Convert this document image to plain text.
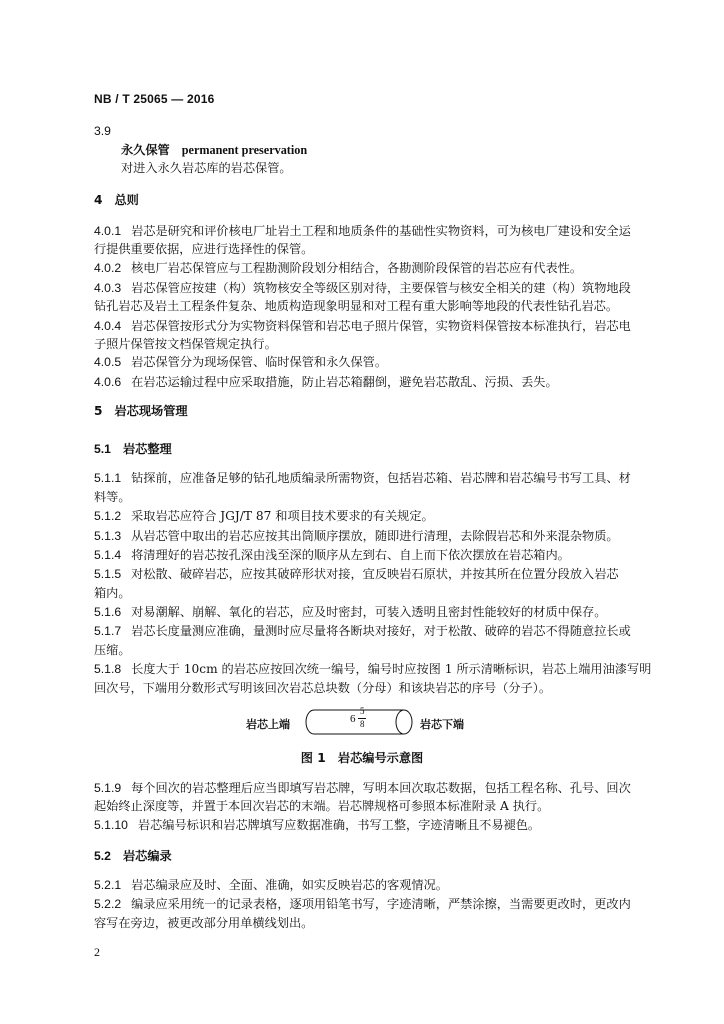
NB / T 25065 — 2016
3.9
永久保管 permanent preservation
对进入永久岩芯库的岩芯保管。
4 总则
4.0.1 岩芯是研究和评价核电厂址岩土工程和地质条件的基础性实物资料，可为核电厂建设和安全运
行提供重要依据，应进行选择性的保管。
4.0.2 核电厂岩芯保管应与工程勘测阶段划分相结合，各勘测阶段保管的岩芯应有代表性。
4.0.3 岩芯保管应按建（构）筑物核安全等级区别对待，主要保管与核安全相关的建（构）筑物地段
钻孔岩芯及岩土工程条件复杂、地质构造现象明显和对工程有重大影响等地段的代表性钻孔岩芯。
4.0.4 岩芯保管按形式分为实物资料保管和岩芯电子照片保管，实物资料保管按本标准执行，岩芯电
子照片保管按文档保管规定执行。
4.0.5 岩芯保管分为现场保管、临时保管和永久保管。
4.0.6 在岩芯运输过程中应采取措施，防止岩芯箱翻倒，避免岩芯散乱、污损、丢失。
5 岩芯现场管理
5.1 岩芯整理
5.1.1 钻探前，应准备足够的钻孔地质编录所需物资，包括岩芯箱、岩芯牌和岩芯编号书写工具、材
料等。
5.1.2 采取岩芯应符合 JGJ/T 87 和项目技术要求的有关规定。
5.1.3 从岩芯管中取出的岩芯应按其出筒顺序摆放，随即进行清理，去除假岩芯和外来混杂物质。
5.1.4 将清理好的岩芯按孔深由浅至深的顺序从左到右、自上而下依次摆放在岩芯箱内。
5.1.5 对松散、破碎岩芯，应按其破碎形状对接，宜反映岩石原状，并按其所在位置分段放入岩芯
箱内。
5.1.6 对易潮解、崩解、氧化的岩芯，应及时密封，可装入透明且密封性能较好的材质中保存。
5.1.7 岩芯长度量测应准确，量测时应尽量将各断块对接好，对于松散、破碎的岩芯不得随意拉长或
压缩。
5.1.8 长度大于 10cm 的岩芯应按回次统一编号，编号时应按图 1 所示清晰标识，岩芯上端用油漆写明
回次号，下端用分数形式写明该回次岩芯总块数（分母）和该块岩芯的序号（分子）。
岩芯上端	岩芯下端
6
5
8
图 1　岩芯编号示意图
5.1.9 每个回次的岩芯整理后应当即填写岩芯牌，写明本回次取芯数据，包括工程名称、孔号、回次
起始终止深度等，并置于本回次岩芯的末端。岩芯牌规格可参照本标准附录 A 执行。
5.1.10 岩芯编号标识和岩芯牌填写应数据准确，书写工整，字迹清晰且不易褪色。
5.2 岩芯编录
5.2.1 岩芯编录应及时、全面、准确，如实反映岩芯的客观情况。
5.2.2 编录应采用统一的记录表格，逐项用铅笔书写，字迹清晰，严禁涂擦，当需要更改时，更改内
容写在旁边，被更改部分用单横线划出。
2
